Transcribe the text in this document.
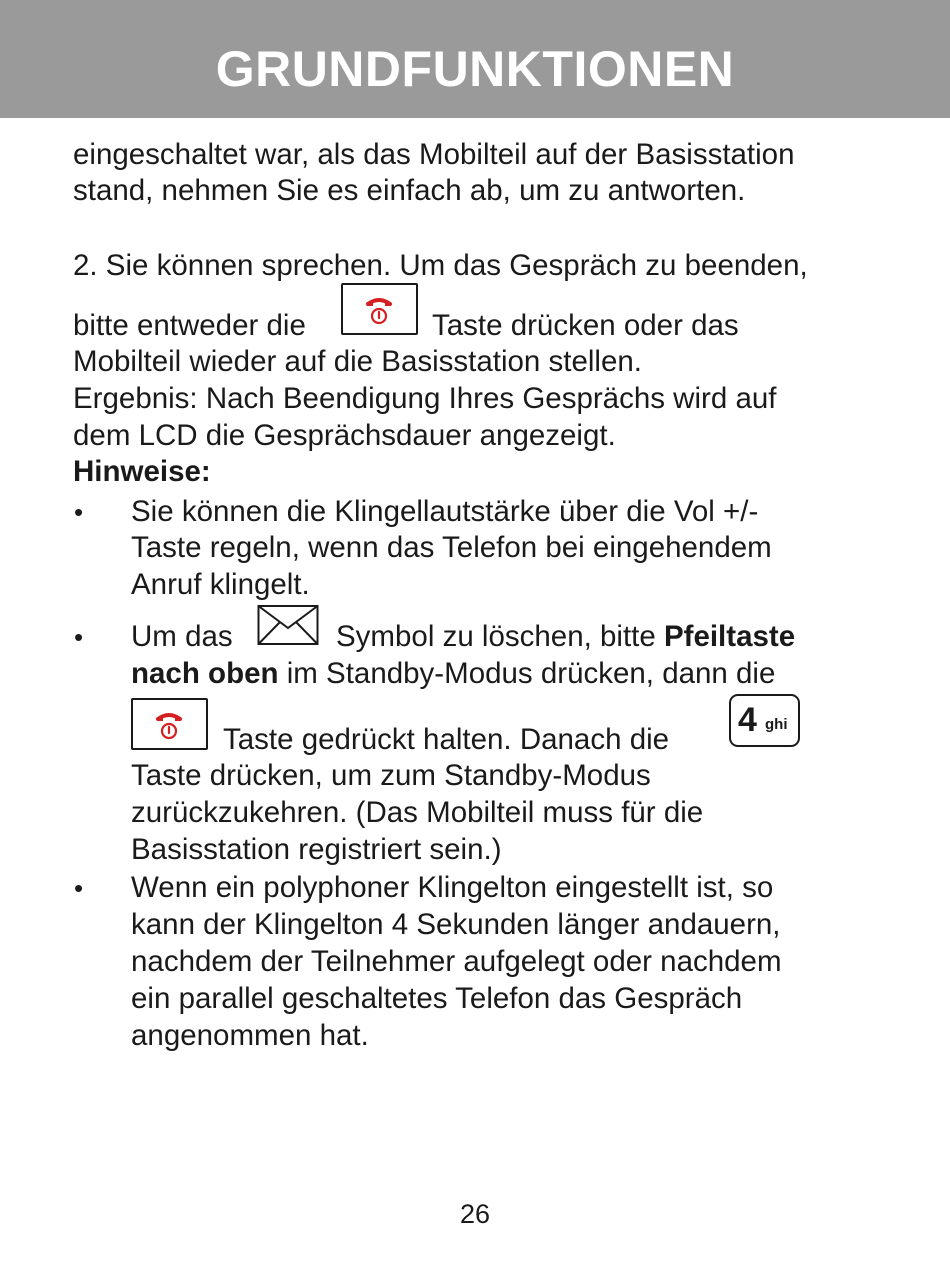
GRUNDFUNKTIONEN
eingeschaltet war, als das Mobilteil auf der Basisstation
stand, nehmen Sie es einfach ab, um zu antworten.
2. Sie können sprechen. Um das Gespräch zu beenden,
bitte entweder die	Taste drücken oder das
Mobilteil wieder auf die Basisstation stellen.
Ergebnis: Nach Beendigung Ihres Gesprächs wird auf
dem LCD die Gesprächsdauer angezeigt.
Hinweise:
• Sie können die Klingellautstärke über die Vol +/-
Taste regeln, wenn das Telefon bei eingehendem
Anruf klingelt.
• Um das	Symbol zu löschen, bitte Pfeiltaste
nach oben im Standby-Modus drücken, dann die
Taste gedrückt halten. Danach die
4 ghi
Taste drücken, um zum Standby-Modus
zurückzukehren. (Das Mobilteil muss für die
Basisstation registriert sein.)
• Wenn ein polyphoner Klingelton eingestellt ist, so
kann der Klingelton 4 Sekunden länger andauern,
nachdem der Teilnehmer aufgelegt oder nachdem
ein parallel geschaltetes Telefon das Gespräch
angenommen hat.
26
